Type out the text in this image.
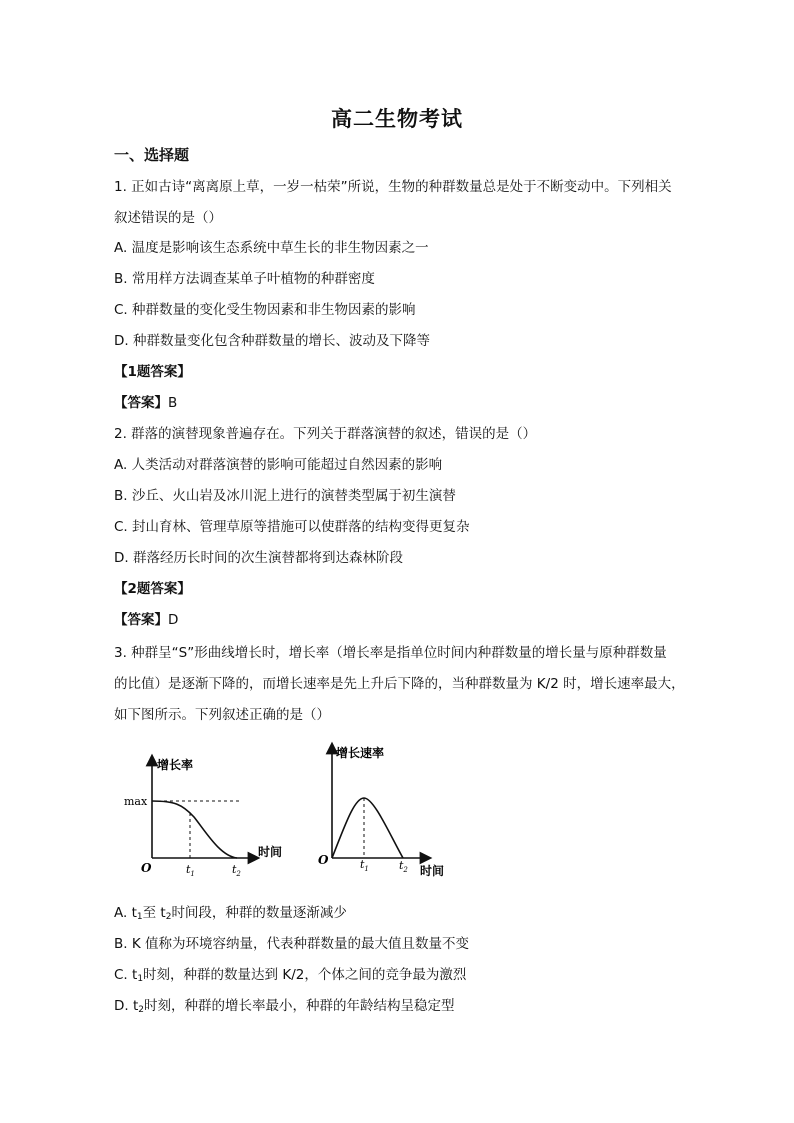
高二生物考试
一、选择题
1. 正如古诗“离离原上草，一岁一枯荣”所说，生物的种群数量总是处于不断变动中。下列相关
叙述错误的是（）
A. 温度是影响该生态系统中草生长的非生物因素之一
B. 常用样方法调查某单子叶植物的种群密度
C. 种群数量的变化受生物因素和非生物因素的影响
D. 种群数量变化包含种群数量的增长、波动及下降等
【1题答案】
【答案】B
2. 群落的演替现象普遍存在。下列关于群落演替的叙述，错误的是（）
A. 人类活动对群落演替的影响可能超过自然因素的影响
B. 沙丘、火山岩及冰川泥上进行的演替类型属于初生演替
C. 封山育林、管理草原等措施可以使群落的结构变得更复杂
D. 群落经历长时间的次生演替都将到达森林阶段
【2题答案】
【答案】D
3. 种群呈“S”形曲线增长时，增长率（增长率是指单位时间内种群数量的增长量与原种群数量
的比值）是逐渐下降的，而增长速率是先上升后下降的，当种群数量为 K/2 时，增长速率最大，
如下图所示。下列叙述正确的是（）
增长率
max
O	$t_1$	$t_2$
时间
增长速率
O	$t_1$	$t_2$ 时间
A. $t_1$至 $t_2$时间段，种群的数量逐渐减少
B. K 值称为环境容纳量，代表种群数量的最大值且数量不变
C. $t_1$时刻，种群的数量达到 K/2，个体之间的竞争最为激烈
D. $t_2$时刻，种群的增长率最小，种群的年龄结构呈稳定型
